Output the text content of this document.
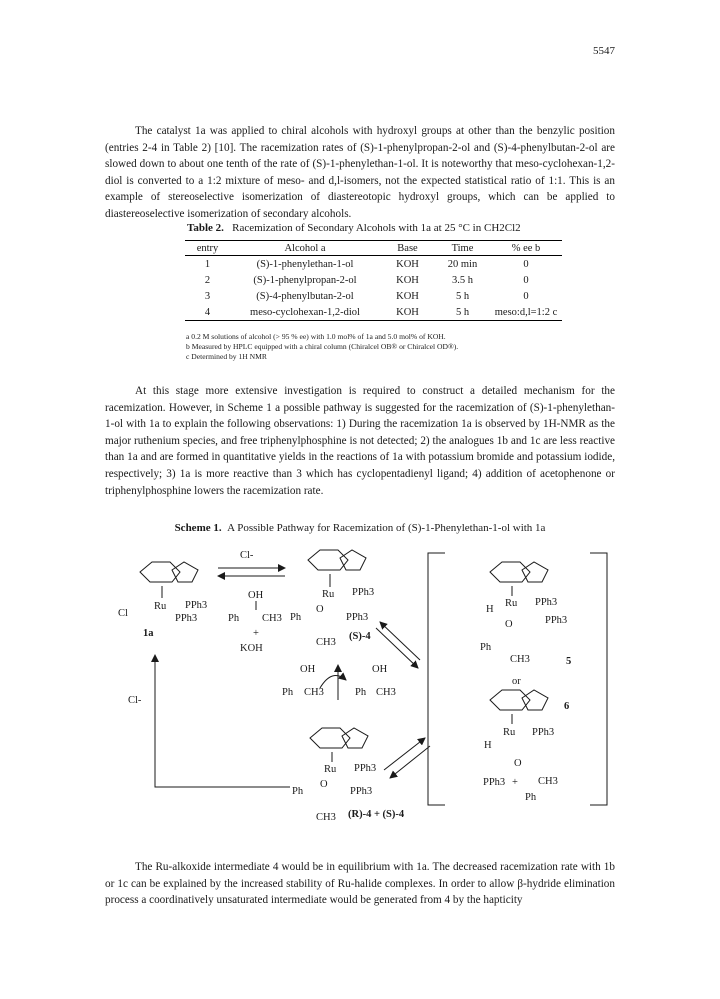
5547
The catalyst 1a was applied to chiral alcohols with hydroxyl groups at other than the benzylic position (entries 2-4 in Table 2) [10]. The racemization rates of (S)-1-phenylpropan-2-ol and (S)-4-phenylbutan-2-ol are slowed down to about one tenth of the rate of (S)-1-phenylethan-1-ol. It is noteworthy that meso-cyclohexan-1,2-diol is converted to a 1:2 mixture of meso- and d,l-isomers, not the expected statistical ratio of 1:1. This is an example of stereoselective isomerization of diastereotopic hydroxyl groups, which can be applied to diastereoselective isomerization of secondary alcohols.
Table 2. Racemization of Secondary Alcohols with 1a at 25 °C in CH2Cl2
entry	Alcohol a	Base	Time	% ee b
1	(S)-1-phenylethan-1-ol	KOH	20 min	0
2	(S)-1-phenylpropan-2-ol	KOH	3.5 h	0
3	(S)-4-phenylbutan-2-ol	KOH	5 h	0
4	meso-cyclohexan-1,2-diol	KOH	5 h	meso:d,l=1:2 c
a 0.2 M solutions of alcohol (> 95 % ee) with 1.0 mol% of 1a and 5.0 mol% of KOH.
b Measured by HPLC equipped with a chiral column (Chiralcel OB® or Chiralcel OD®).
c Determined by 1H NMR
At this stage more extensive investigation is required to construct a detailed mechanism for the racemization. However, in Scheme 1 a possible pathway is suggested for the racemization of (S)-1-phenylethan-1-ol with 1a to explain the following observations: 1) During the racemization 1a is observed by 1H-NMR as the major ruthenium species, and free triphenylphosphine is not detected; 2) the analogues 1b and 1c are less reactive than 1a and are formed in quantitative yields in the reactions of 1a with potassium bromide and potassium iodide, respectively; 3) 1a is more reactive than 3 which has cyclopentadienyl ligand; 4) addition of acetophenone or triphenylphosphine lowers the racemization rate.
Scheme 1. A Possible Pathway for Racemization of (S)-1-Phenylethan-1-ol with 1a
Ru PPh3
Cl	PPh3
1a
Cl-
OH
Ph CH3
+
KOH
Ru PPh3
O
Ph	PPh3
CH3
(S)-4
Ru PPh3
H
PPh3
O
Ph
CH3	5
or
6
Ru PPh3
H
O
PPh3 + CH3
Ph
OH
Ph CH3
OH
Ph CH3
Cl-
Ru PPh3
O
Ph	PPh3
CH3 (R)-4 + (S)-4
The Ru-alkoxide intermediate 4 would be in equilibrium with 1a. The decreased racemization rate with 1b or 1c can be explained by the increased stability of Ru-halide complexes. In order to allow β-hydride elimination process a coordinatively unsaturated intermediate would be generated from 4 by the hapticity
